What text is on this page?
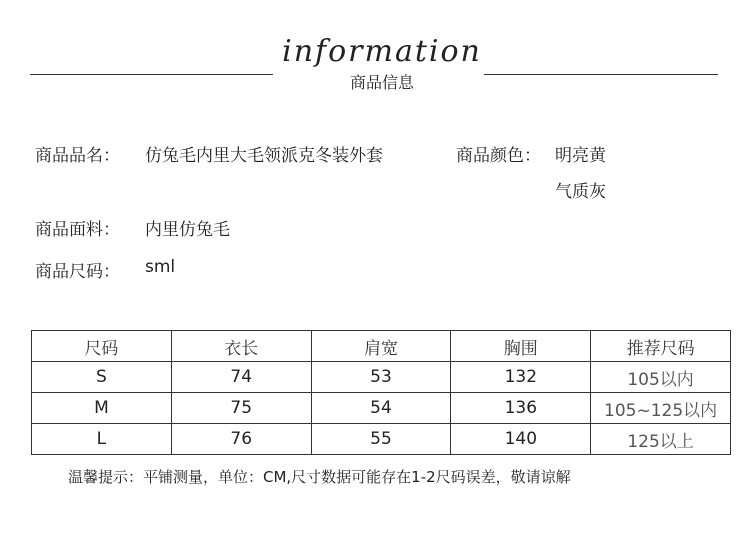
information
商品信息
商品品名： 仿兔毛内里大毛领派克冬装外套	商品颜色： 明亮黄
气质灰
商品面料： 内里仿兔毛
商品尺码： sml
尺码	衣长	肩宽	胸围	推荐尺码
S	74	53	132	105以内
M	75	54	136	105~125以内
L	76	55	140	125以上
温馨提示：平铺测量，单位：CM,尺寸数据可能存在1-2尺码误差，敬请谅解
